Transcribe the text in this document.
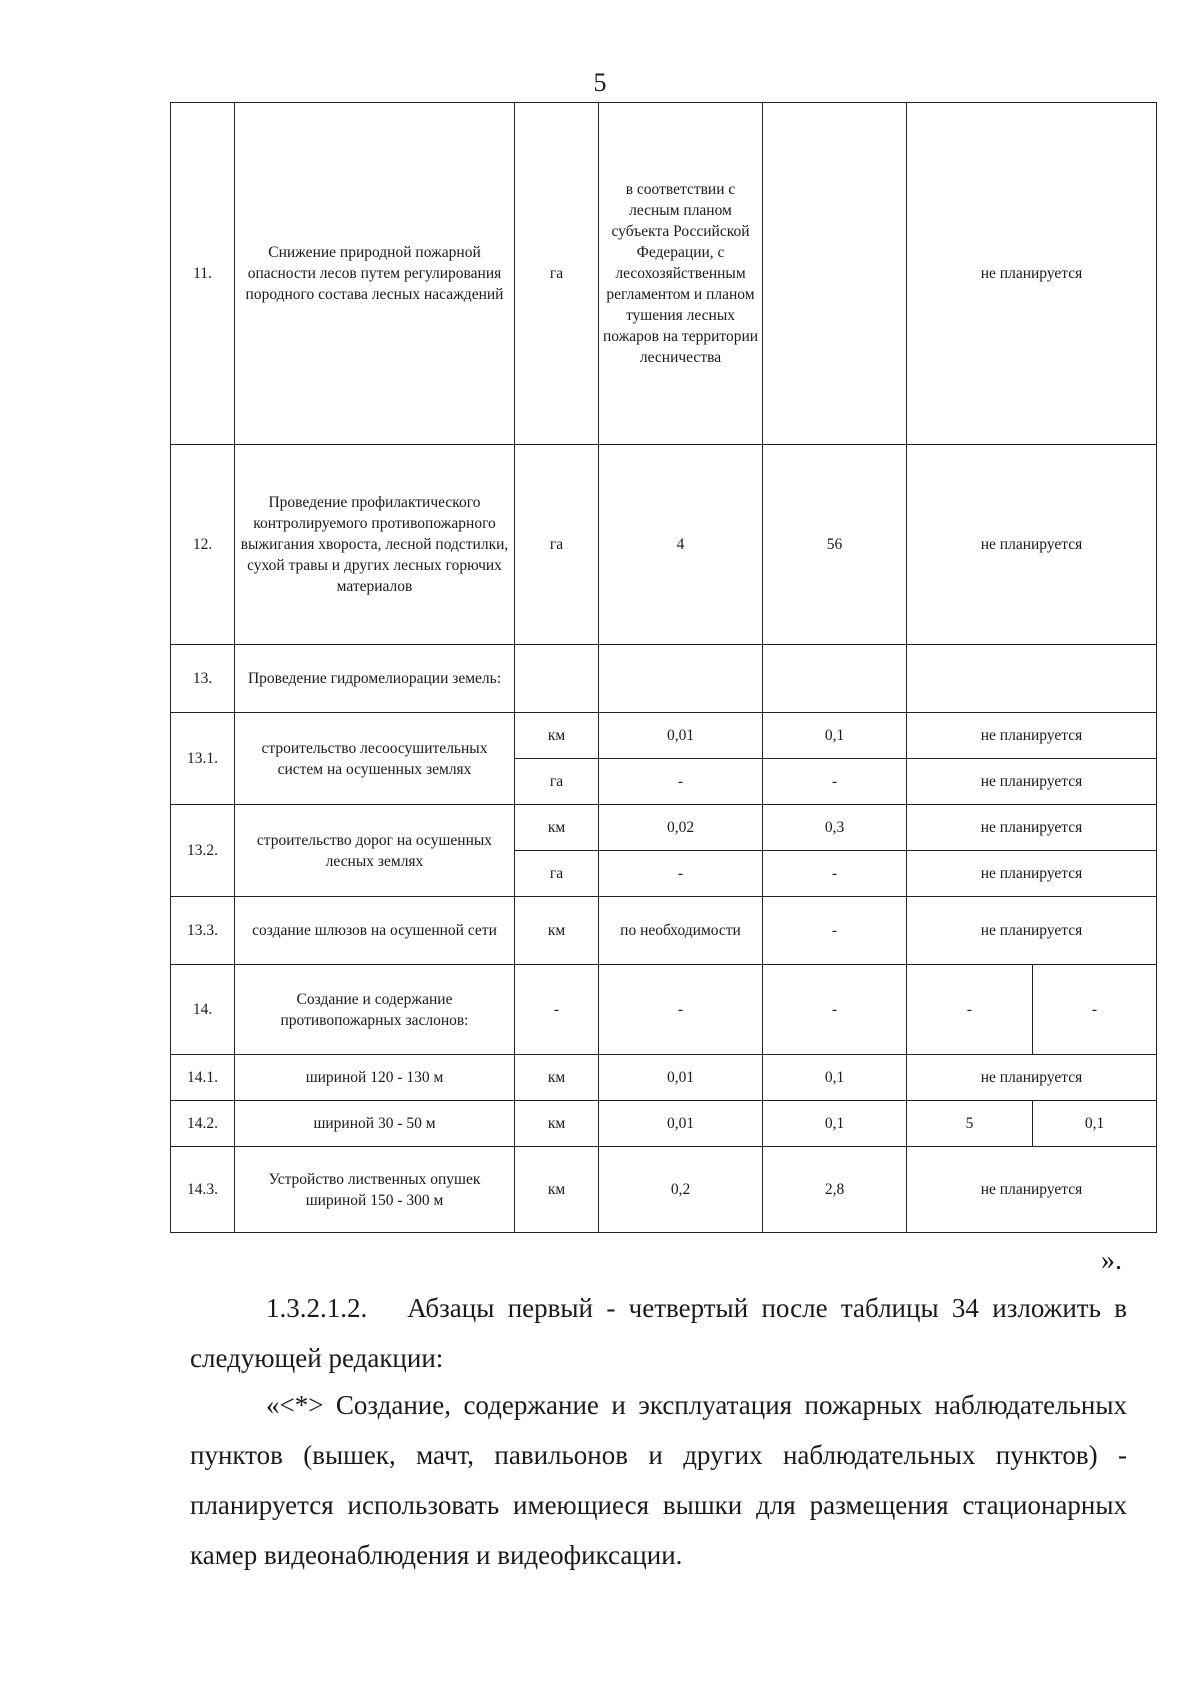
5
11.	Снижение природной пожарной опасности лесов путем регулирования породного состава лесных насаждений	га	в соответствии с лесным планом субъекта Российской Федерации, с лесохозяйственным регламентом и планом тушения лесных пожаров на территории лесничества		не планируется	
12.	Проведение профилактического контролируемого противопожарного выжигания хвороста, лесной подстилки, сухой травы и других лесных горючих материалов	га	4	56	не планируется	
13.	Проведение гидромелиорации земель:					
13.1.	строительство лесоосушительных систем на осушенных землях	км	0,01	0,1	не планируется	
		га	-	-	не планируется	
13.2.	строительство дорог на осушенных лесных землях	км	0,02	0,3	не планируется	
		га	-	-	не планируется	
13.3.	создание шлюзов на осушенной сети	км	по необходимости	-	не планируется	
14.	Создание и содержание противопожарных заслонов:	-	-	-	-	-
14.1.	шириной 120 - 130 м	км	0,01	0,1	не планируется	
14.2.	шириной 30 - 50 м	км	0,01	0,1	5	0,1
14.3.	Устройство лиственных опушек шириной 150 - 300 м	км	0,2	2,8	не планируется	
».
1.3.2.1.2. Абзацы первый - четвертый после таблицы 34 изложить в следующей редакции:
«<*> Создание, содержание и эксплуатация пожарных наблюдательных пунктов (вышек, мачт, павильонов и других наблюдательных пунктов) - планируется использовать имеющиеся вышки для размещения стационарных камер видеонаблюдения и видеофиксации.
